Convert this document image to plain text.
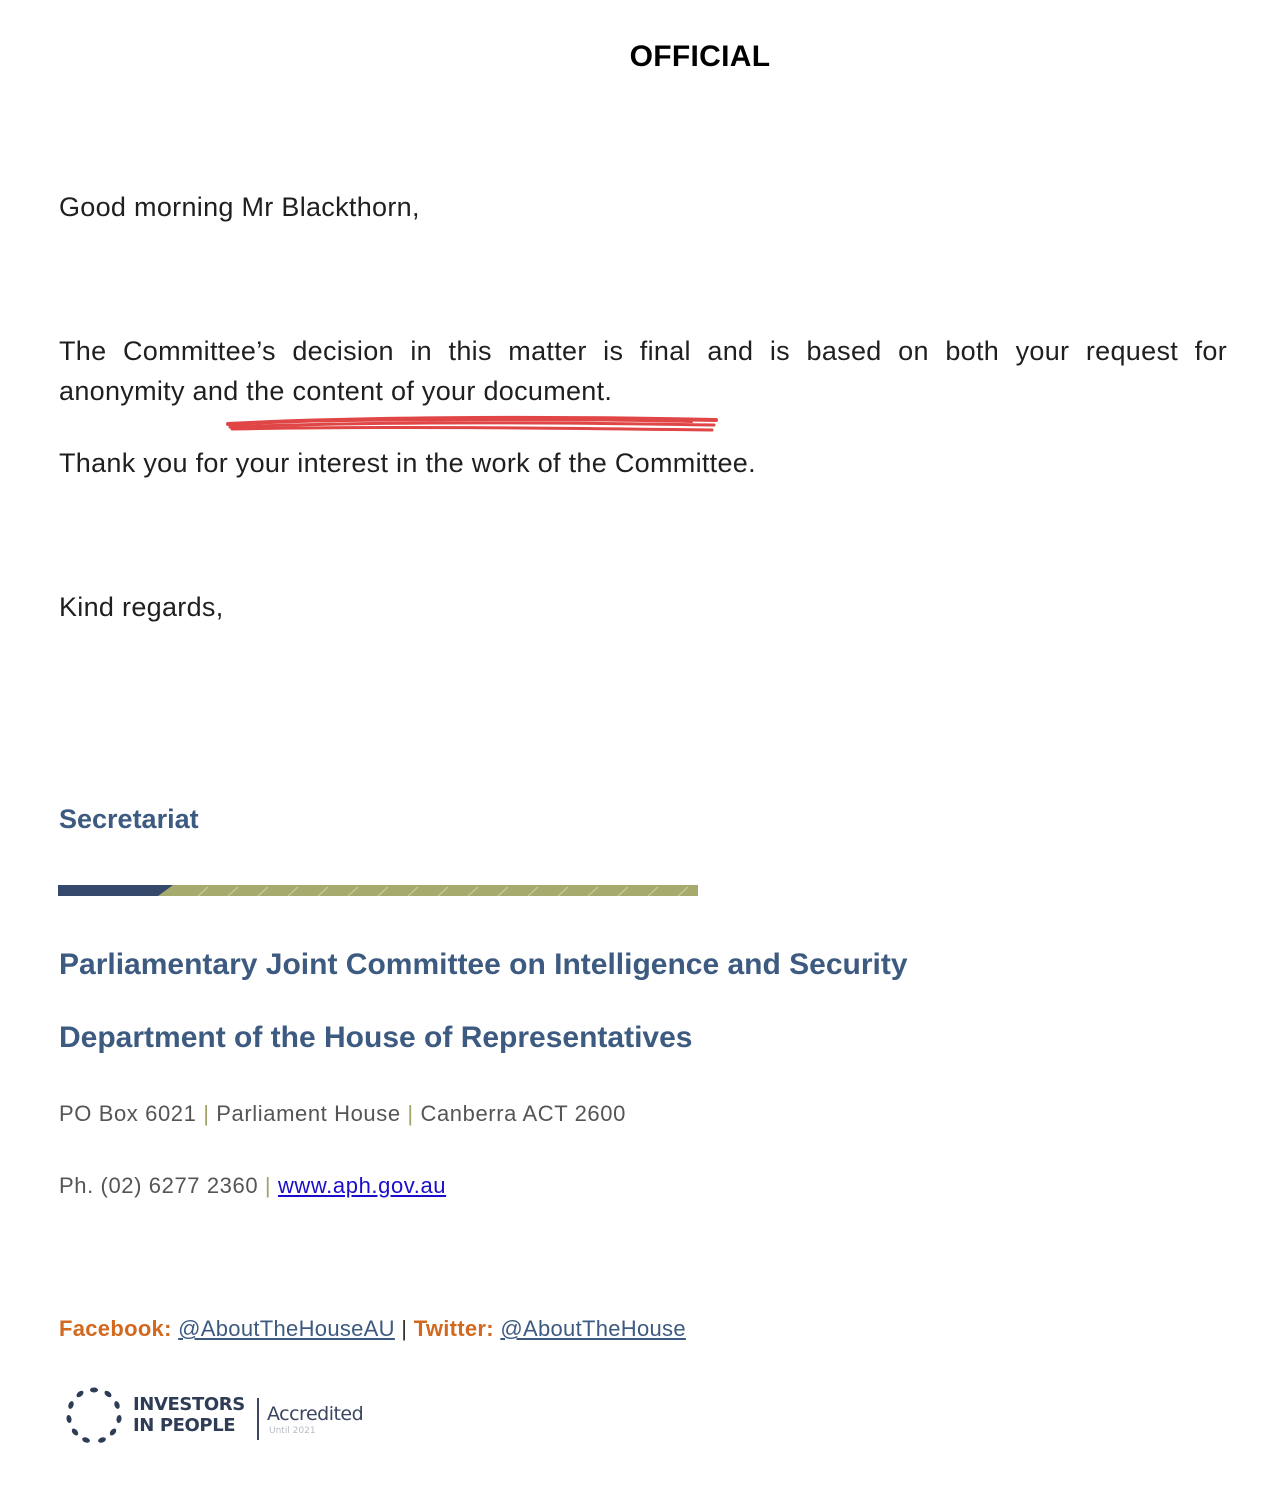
OFFICIAL
Good morning Mr Blackthorn,
The Committee’s decision in this matter is final and is based on both your request for anonymity and the content of your document.
Thank you for your interest in the work of the Committee.
Kind regards,
Secretariat
Parliamentary Joint Committee on Intelligence and Security
Department of the House of Representatives
PO Box 6021 | Parliament House | Canberra ACT 2600
Ph. (02) 6277 2360 | www.aph.gov.au
Facebook: @AboutTheHouseAU | Twitter: @AboutTheHouse
INVESTORS
IN PEOPLE
Accredited
Until 2021
